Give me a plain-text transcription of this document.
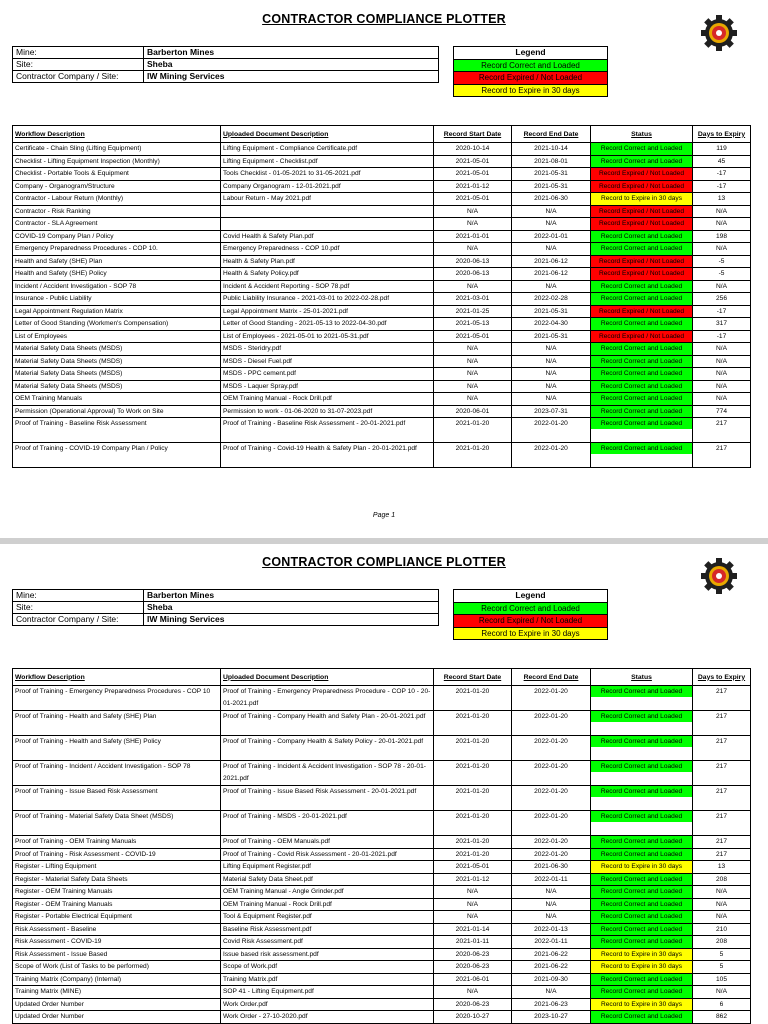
CONTRACTOR COMPLIANCE PLOTTER
Mine:	Barberton Mines
Site:	Sheba
Contractor Company / Site:	IW Mining Services
Legend
Record Correct and Loaded
Record Expired / Not Loaded
Record to Expire in 30 days
Workflow Description	Uploaded Document Description	Record Start Date	Record End Date	Status	Days to Expiry
Certificate - Chain Sling (Lifting Equipment)	Lifting Equipment - Compliance Certificate.pdf	2020-10-14	2021-10-14	Record Correct and Loaded	119
Checklist - Lifting Equipment Inspection (Monthly)	Lifting Equipment - Checklist.pdf	2021-05-01	2021-08-01	Record Correct and Loaded	45
Checklist - Portable Tools & Equipment	Tools Checklist - 01-05-2021 to 31-05-2021.pdf	2021-05-01	2021-05-31	Record Expired / Not Loaded	-17
Company - Organogram/Structure	Company Organogram - 12-01-2021.pdf	2021-01-12	2021-05-31	Record Expired / Not Loaded	-17
Contractor - Labour Return (Monthly)	Labour Return - May 2021.pdf	2021-05-01	2021-06-30	Record to Expire in 30 days	13
Contractor - Risk Ranking		N/A	N/A	Record Expired / Not Loaded	N/A
Contractor - SLA Agreement		N/A	N/A	Record Expired / Not Loaded	N/A
COVID-19 Company Plan / Policy	Covid Health & Safety Plan.pdf	2021-01-01	2022-01-01	Record Correct and Loaded	198
Emergency Preparedness Procedures - COP 10.	Emergency Preparedness - COP 10.pdf	N/A	N/A	Record Correct and Loaded	N/A
Health and Safety (SHE) Plan	Health & Safety Plan.pdf	2020-06-13	2021-06-12	Record Expired / Not Loaded	-5
Health and Safety (SHE) Policy	Health & Safety Policy.pdf	2020-06-13	2021-06-12	Record Expired / Not Loaded	-5
Incident / Accident Investigation - SOP 78	Incident & Accident Reporting - SOP 78.pdf	N/A	N/A	Record Correct and Loaded	N/A
Insurance - Public Liability	Public Liability Insurance - 2021-03-01 to 2022-02-28.pdf	2021-03-01	2022-02-28	Record Correct and Loaded	256
Legal Appointment Regulation Matrix	Legal Appointment Matrix - 25-01-2021.pdf	2021-01-25	2021-05-31	Record Expired / Not Loaded	-17
Letter of Good Standing (Workmen's Compensation)	Letter of Good Standing - 2021-05-13 to 2022-04-30.pdf	2021-05-13	2022-04-30	Record Correct and Loaded	317
List of Employees	List of Employees - 2021-05-01 to 2021-05-31.pdf	2021-05-01	2021-05-31	Record Expired / Not Loaded	-17
Material Safety Data Sheets (MSDS)	MSDS - Steridry.pdf	N/A	N/A	Record Correct and Loaded	N/A
Material Safety Data Sheets (MSDS)	MSDS - Diesel Fuel.pdf	N/A	N/A	Record Correct and Loaded	N/A
Material Safety Data Sheets (MSDS)	MSDS - PPC cement.pdf	N/A	N/A	Record Correct and Loaded	N/A
Material Safety Data Sheets (MSDS)	MSDS - Laquer Spray.pdf	N/A	N/A	Record Correct and Loaded	N/A
OEM Training Manuals	OEM Training Manual - Rock Drill.pdf	N/A	N/A	Record Correct and Loaded	N/A
Permission (Operational Approval) To Work on Site	Permission to work - 01-06-2020 to 31-07-2023.pdf	2020-06-01	2023-07-31	Record Correct and Loaded	774
Proof of Training - Baseline Risk Assessment	Proof of Training - Baseline Risk Assessment - 20-01-2021.pdf	2021-01-20	2022-01-20	Record Correct and Loaded	217
Proof of Training - COVID-19 Company Plan / Policy	Proof of Training - Covid-19 Health & Safety Plan - 20-01-2021.pdf	2021-01-20	2022-01-20	Record Correct and Loaded	217
Page 1
CONTRACTOR COMPLIANCE PLOTTER
Mine:	Barberton Mines
Site:	Sheba
Contractor Company / Site:	IW Mining Services
Legend
Record Correct and Loaded
Record Expired / Not Loaded
Record to Expire in 30 days
Workflow Description	Uploaded Document Description	Record Start Date	Record End Date	Status	Days to Expiry
Proof of Training - Emergency Preparedness Procedures - COP 10	Proof of Training - Emergency Preparedness Procedure - COP 10 - 20-01-2021.pdf	2021-01-20	2022-01-20	Record Correct and Loaded	217
Proof of Training - Health and Safety (SHE) Plan	Proof of Training - Company Health and Safety Plan - 20-01-2021.pdf	2021-01-20	2022-01-20	Record Correct and Loaded	217
Proof of Training - Health and Safety (SHE) Policy	Proof of Training - Company Health & Safety Policy - 20-01-2021.pdf	2021-01-20	2022-01-20	Record Correct and Loaded	217
Proof of Training - Incident / Accident Investigation - SOP 78	Proof of Training - Incident & Accident Investigation - SOP 78 - 20-01-2021.pdf	2021-01-20	2022-01-20	Record Correct and Loaded	217
Proof of Training - Issue Based Risk Assessment	Proof of Training - Issue Based Risk Assessment - 20-01-2021.pdf	2021-01-20	2022-01-20	Record Correct and Loaded	217
Proof of Training - Material Safety Data Sheet (MSDS)	Proof of Training - MSDS - 20-01-2021.pdf	2021-01-20	2022-01-20	Record Correct and Loaded	217
Proof of Training - OEM Training Manuals	Proof of Training - OEM Manuals.pdf	2021-01-20	2022-01-20	Record Correct and Loaded	217
Proof of Training - Risk Assessment - COVID-19	Proof of Training - Covid Risk Assessment - 20-01-2021.pdf	2021-01-20	2022-01-20	Record Correct and Loaded	217
Register - Lifting Equipment	Lifting Equipment Register.pdf	2021-05-01	2021-06-30	Record to Expire in 30 days	13
Register - Material Safety Data Sheets	Material Safety Data Sheet.pdf	2021-01-12	2022-01-11	Record Correct and Loaded	208
Register - OEM Training Manuals	OEM Training Manual - Angle Grinder.pdf	N/A	N/A	Record Correct and Loaded	N/A
Register - OEM Training Manuals	OEM Training Manual - Rock Drill.pdf	N/A	N/A	Record Correct and Loaded	N/A
Register - Portable Electrical Equipment	Tool & Equipment Register.pdf	N/A	N/A	Record Correct and Loaded	N/A
Risk Assessment - Baseline	Baseline Risk Assessment.pdf	2021-01-14	2022-01-13	Record Correct and Loaded	210
Risk Assessment - COVID-19	Covid Risk Assessment.pdf	2021-01-11	2022-01-11	Record Correct and Loaded	208
Risk Assessment - Issue Based	Issue based risk assessment.pdf	2020-06-23	2021-06-22	Record to Expire in 30 days	5
Scope of Work (List of Tasks to be performed)	Scope of Work.pdf	2020-06-23	2021-06-22	Record to Expire in 30 days	5
Training Matrix (Company) (Internal)	Training Matrix.pdf	2021-06-01	2021-09-30	Record Correct and Loaded	105
Training Matrix (MINE)	SOP 41 - Lifting Equipment.pdf	N/A	N/A	Record Correct and Loaded	N/A
Updated Order Number	Work Order.pdf	2020-06-23	2021-06-23	Record to Expire in 30 days	6
Updated Order Number	Work Order - 27-10-2020.pdf	2020-10-27	2023-10-27	Record Correct and Loaded	862
